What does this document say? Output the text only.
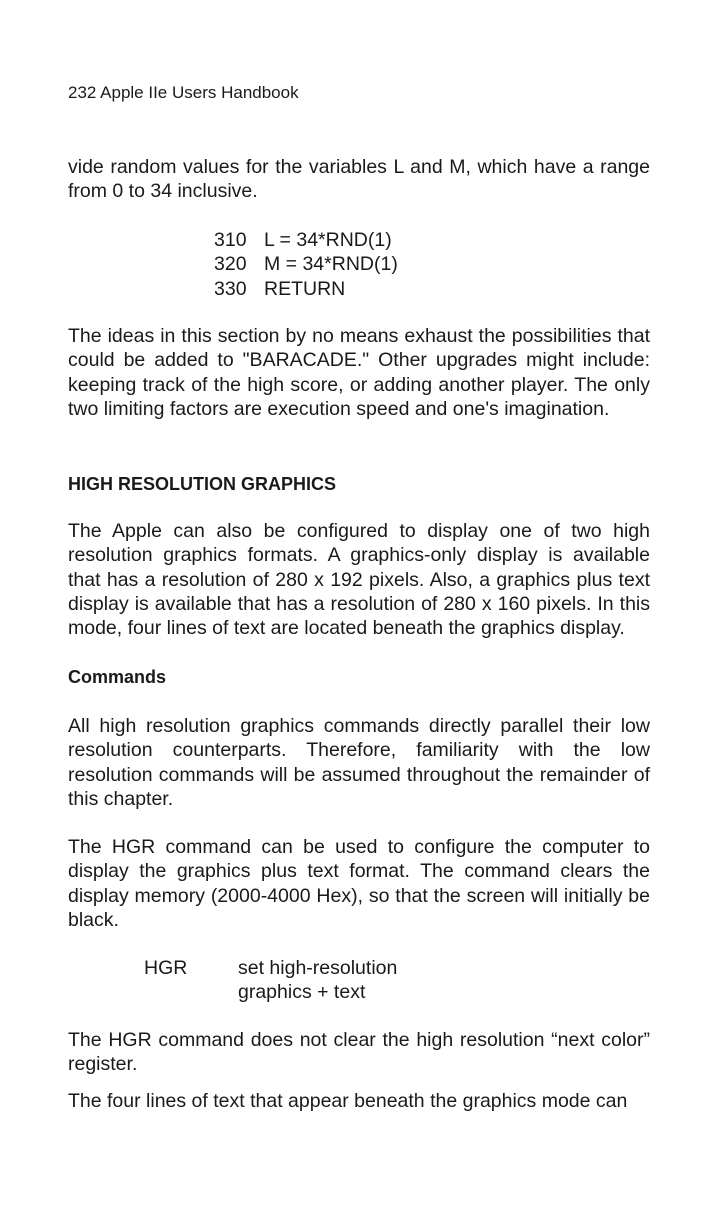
232 Apple IIe Users Handbook

vide random values for the variables L and M, which have a range from 0 to 34 inclusive.

310 L = 34*RND(1)
320 M = 34*RND(1)
330 RETURN

The ideas in this section by no means exhaust the possibilities that could be added to "BARACADE." Other upgrades might include: keeping track of the high score, or adding another player. The only two limiting factors are execution speed and one's imagination.

HIGH RESOLUTION GRAPHICS

The Apple can also be configured to display one of two high resolution graphics formats. A graphics-only display is available that has a resolution of 280 x 192 pixels. Also, a graphics plus text display is available that has a resolution of 280 x 160 pixels. In this mode, four lines of text are located beneath the graphics display.

Commands

All high resolution graphics commands directly parallel their low resolution counterparts. Therefore, familiarity with the low resolution commands will be assumed throughout the remainder of this chapter.

The HGR command can be used to configure the computer to display the graphics plus text format. The command clears the display memory (2000-4000 Hex), so that the screen will initially be black.

HGR	set high-resolution graphics + text

The HGR command does not clear the high resolution “next color” register.

The four lines of text that appear beneath the graphics mode can
